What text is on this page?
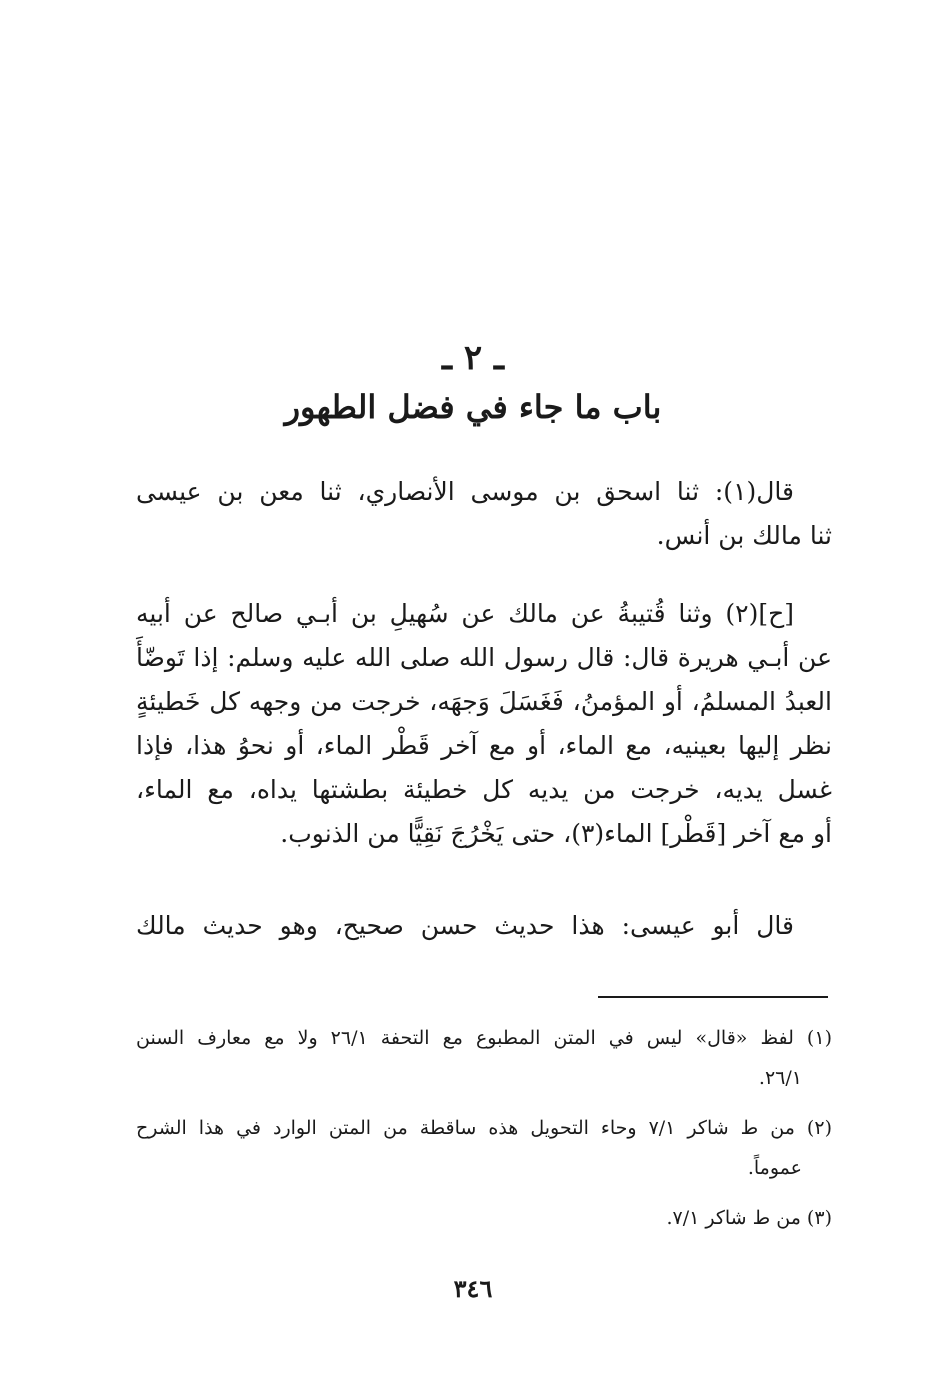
ـ ٢ ـ
باب ما جاء في فضل الطهور
قال(١): ثنا اسحق بن موسى الأنصاري، ثنا معن بن عيسى
ثنا مالك بن أنس.
[ح](٢) وثنا قُتيبةُ عن مالك عن سُهيلِ بن أبـي صالح عن أبيه
عن أبـي هريرة قال: قال رسول الله صلى الله عليه وسلم: إذا تَوضّأَ
العبدُ المسلمُ، أو المؤمنُ، فَغَسَلَ وَجهَه، خرجت من وجهه كل خَطيئةٍ
نظر إليها بعينيه، مع الماء، أو مع آخر قَطْر الماء، أو نحوُ هذا، فإذا
غسل يديه، خرجت من يديه كل خطيئة بطشتها يداه، مع الماء،
أو مع آخر [قَطْر] الماء(٣)، حتى يَخْرُجَ نَقِيًّا من الذنوب.
قال أبو عيسى: هذا حديث حسن صحيح، وهو حديث مالك

(١) لفظ «قال» ليس في المتن المطبوع مع التحفة ٢٦/١ ولا مع معارف السنن
٢٦/١.

(٢) من ط شاكر ٧/١ وحاء التحويل هذه ساقطة من المتن الوارد في هذا الشرح
عموماً.

(٣) من ط شاكر ٧/١.

٣٤٦
